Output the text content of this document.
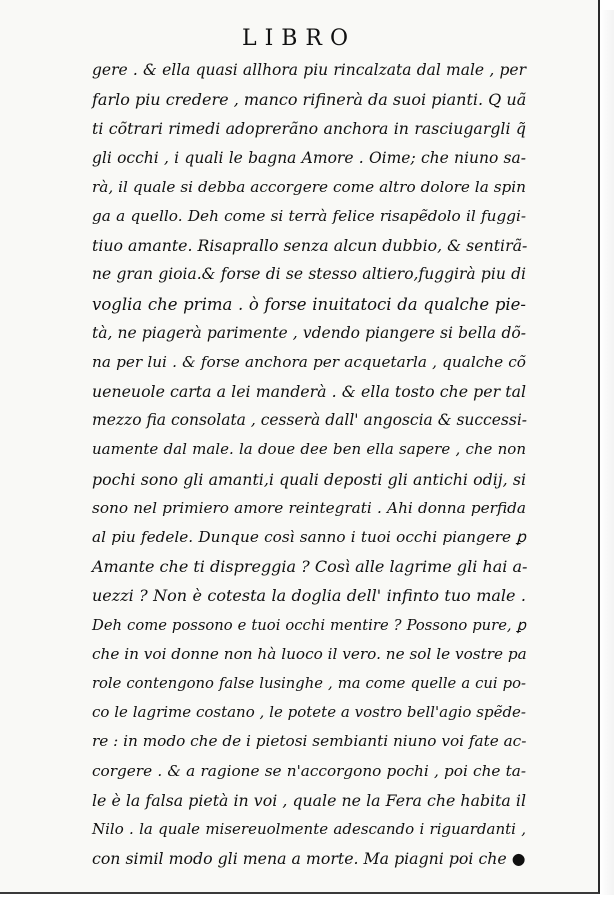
LIBRO
gere . & ella quasi allhora piu rincalzata dal male , per
farlo piu credere , manco rifinerà da suoi pianti. Q uã
ti cõtrari rimedi adoprerãno anchora in rasciugargli q̃
gli occhi , i quali le bagna Amore . Oime; che niuno sa-
rà, il quale si debba accorgere come altro dolore la spin
ga a quello. Deh come si terrà felice risapẽdolo il fuggi-
tiuo amante. Risaprallo senza alcun dubbio, & sentirã-
ne gran gioia.& forse di se stesso altiero,fuggirà piu di
voglia che prima . ò forse inuitatoci da qualche pie-
tà, ne piagerà parimente , vdendo piangere si bella dõ-
na per lui . & forse anchora per acquetarla , qualche cõ
ueneuole carta a lei manderà . & ella tosto che per tal
mezzo fia consolata , cesserà dall' angoscia & successi-
uamente dal male. la doue dee ben ella sapere , che non
pochi sono gli amanti,i quali deposti gli antichi odij, si
sono nel primiero amore reintegrati . Ahi donna perfida
al piu fedele. Dunque così sanno i tuoi occhi piangere ꝑ
Amante che ti dispreggia ? Così alle lagrime gli hai a-
uezzi ? Non è cotesta la doglia dell' infinto tuo male .
Deh come possono e tuoi occhi mentire ? Possono pure, ꝑ
che in voi donne non hà luoco il vero. ne sol le vostre pa
role contengono false lusinghe , ma come quelle a cui po-
co le lagrime costano , le potete a vostro bell'agio spẽde-
re : in modo che de i pietosi sembianti niuno voi fate ac-
corgere . & a ragione se n'accorgono pochi , poi che ta-
le è la falsa pietà in voi , quale ne la Fera che habita il
Nilo . la quale misereuolmente adescando i riguardanti ,
con simil modo gli mena a morte. Ma piagni poi che ●
